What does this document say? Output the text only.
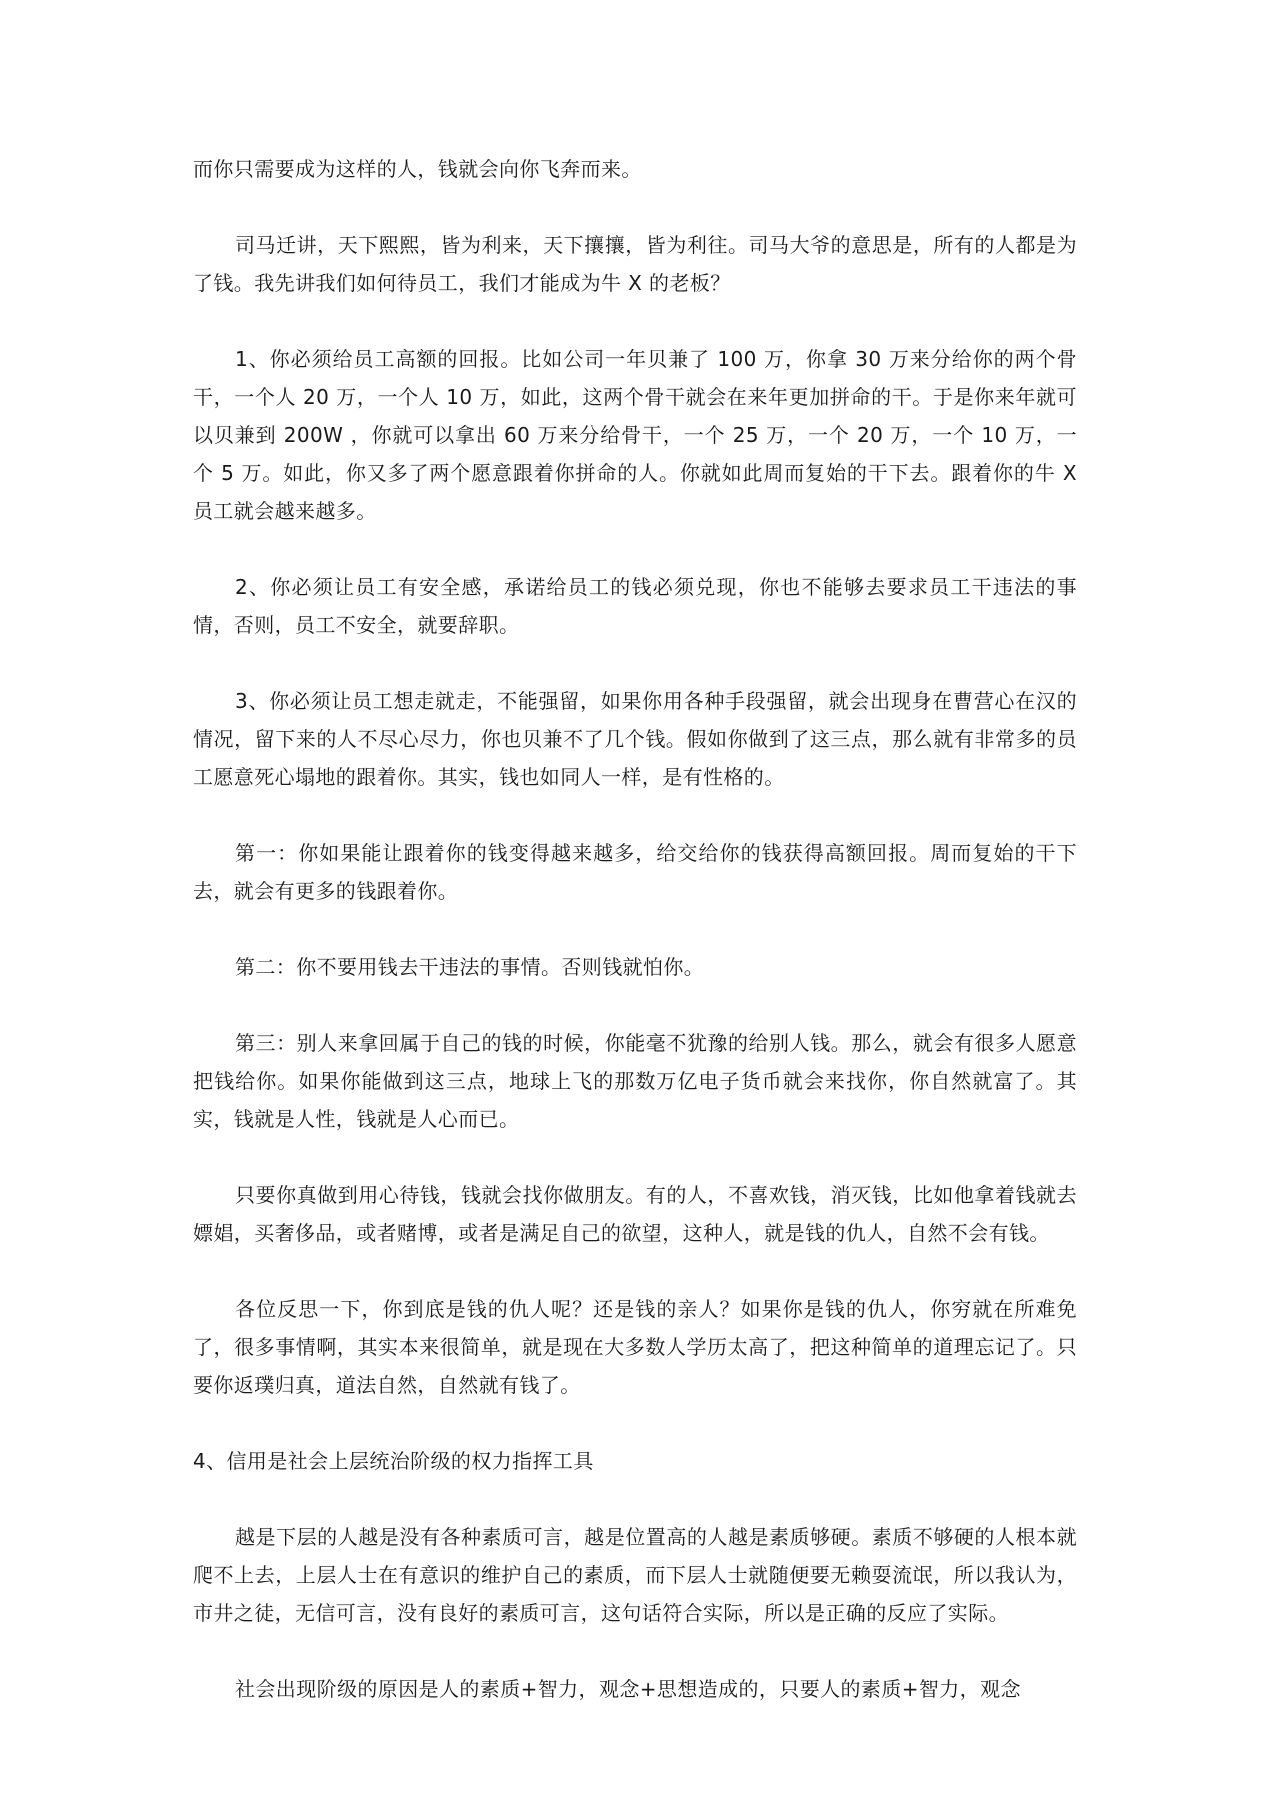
而你只需要成为这样的人，钱就会向你飞奔而来。

司马迁讲，天下熙熙，皆为利来，天下攘攘，皆为利往。司马大爷的意思是，所有的人都是为了钱。我先讲我们如何待员工，我们才能成为牛 X 的老板？

1、你必须给员工高额的回报。比如公司一年贝兼了 100 万，你拿 30 万来分给你的两个骨干，一个人 20 万，一个人 10 万，如此，这两个骨干就会在来年更加拼命的干。于是你来年就可以贝兼到 200W ，你就可以拿出 60 万来分给骨干，一个 25 万，一个 20 万，一个 10 万，一个 5 万。如此，你又多了两个愿意跟着你拼命的人。你就如此周而复始的干下去。跟着你的牛 X 员工就会越来越多。

2、你必须让员工有安全感，承诺给员工的钱必须兑现，你也不能够去要求员工干违法的事情，否则，员工不安全，就要辞职。

3、你必须让员工想走就走，不能强留，如果你用各种手段强留，就会出现身在曹营心在汉的情况，留下来的人不尽心尽力，你也贝兼不了几个钱。假如你做到了这三点，那么就有非常多的员工愿意死心塌地的跟着你。其实，钱也如同人一样，是有性格的。

第一：你如果能让跟着你的钱变得越来越多，给交给你的钱获得高额回报。周而复始的干下去，就会有更多的钱跟着你。

第二：你不要用钱去干违法的事情。否则钱就怕你。

第三：别人来拿回属于自己的钱的时候，你能毫不犹豫的给别人钱。那么，就会有很多人愿意把钱给你。如果你能做到这三点，地球上飞的那数万亿电子货币就会来找你，你自然就富了。其实，钱就是人性，钱就是人心而已。

只要你真做到用心待钱，钱就会找你做朋友。有的人，不喜欢钱，消灭钱，比如他拿着钱就去嫖娼，买奢侈品，或者赌博，或者是满足自己的欲望，这种人，就是钱的仇人，自然不会有钱。

各位反思一下，你到底是钱的仇人呢？还是钱的亲人？如果你是钱的仇人，你穷就在所难免了，很多事情啊，其实本来很简单，就是现在大多数人学历太高了，把这种简单的道理忘记了。只要你返璞归真，道法自然，自然就有钱了。

4、信用是社会上层统治阶级的权力指挥工具

越是下层的人越是没有各种素质可言，越是位置高的人越是素质够硬。素质不够硬的人根本就爬不上去，上层人士在有意识的维护自己的素质，而下层人士就随便要无赖耍流氓，所以我认为，市井之徒，无信可言，没有良好的素质可言，这句话符合实际，所以是正确的反应了实际。

社会出现阶级的原因是人的素质+智力，观念+思想造成的，只要人的素质+智力，观念
